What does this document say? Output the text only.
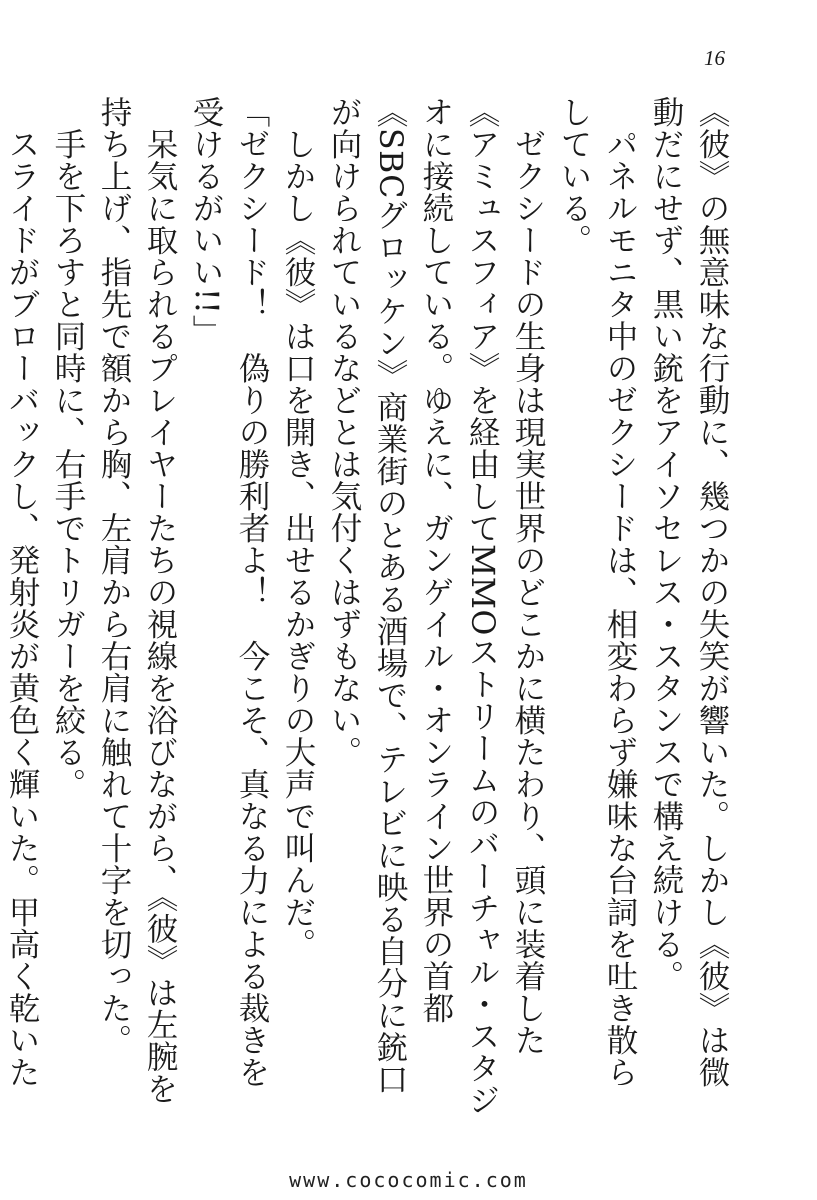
16

《彼》の無意味な行動に、幾つかの失笑が響いた。しかし《彼》は微動だにせず、黒い銃をアイソセレス・スタンスで構え続ける。

パネルモニタ中のゼクシードは、相変わらず嫌味な台詞を吐き散らしている。

ゼクシードの生身は現実世界のどこかに横たわり、頭に装着した《アミュスフィア》を経由してMMOストリームのバーチャル・スタジオに接続している。ゆえに、ガンゲイル・オンライン世界の首都《SBCグロッケン》商業街のとある酒場で、テレビに映る自分に銃口が向けられているなどとは気付くはずもない。

しかし《彼》は口を開き、出せるかぎりの大声で叫んだ。

「ゼクシード！　偽りの勝利者よ！　今こそ、真なる力による裁きを受けるがいい!!」

呆気に取られるプレイヤーたちの視線を浴びながら、《彼》は左腕を持ち上げ、指先で額から胸、左肩から右肩に触れて十字を切った。

手を下ろすと同時に、右手でトリガーを絞る。

スライドがブローバックし、発射炎が黄色く輝いた。甲高く乾いた

www.cococomic.com
